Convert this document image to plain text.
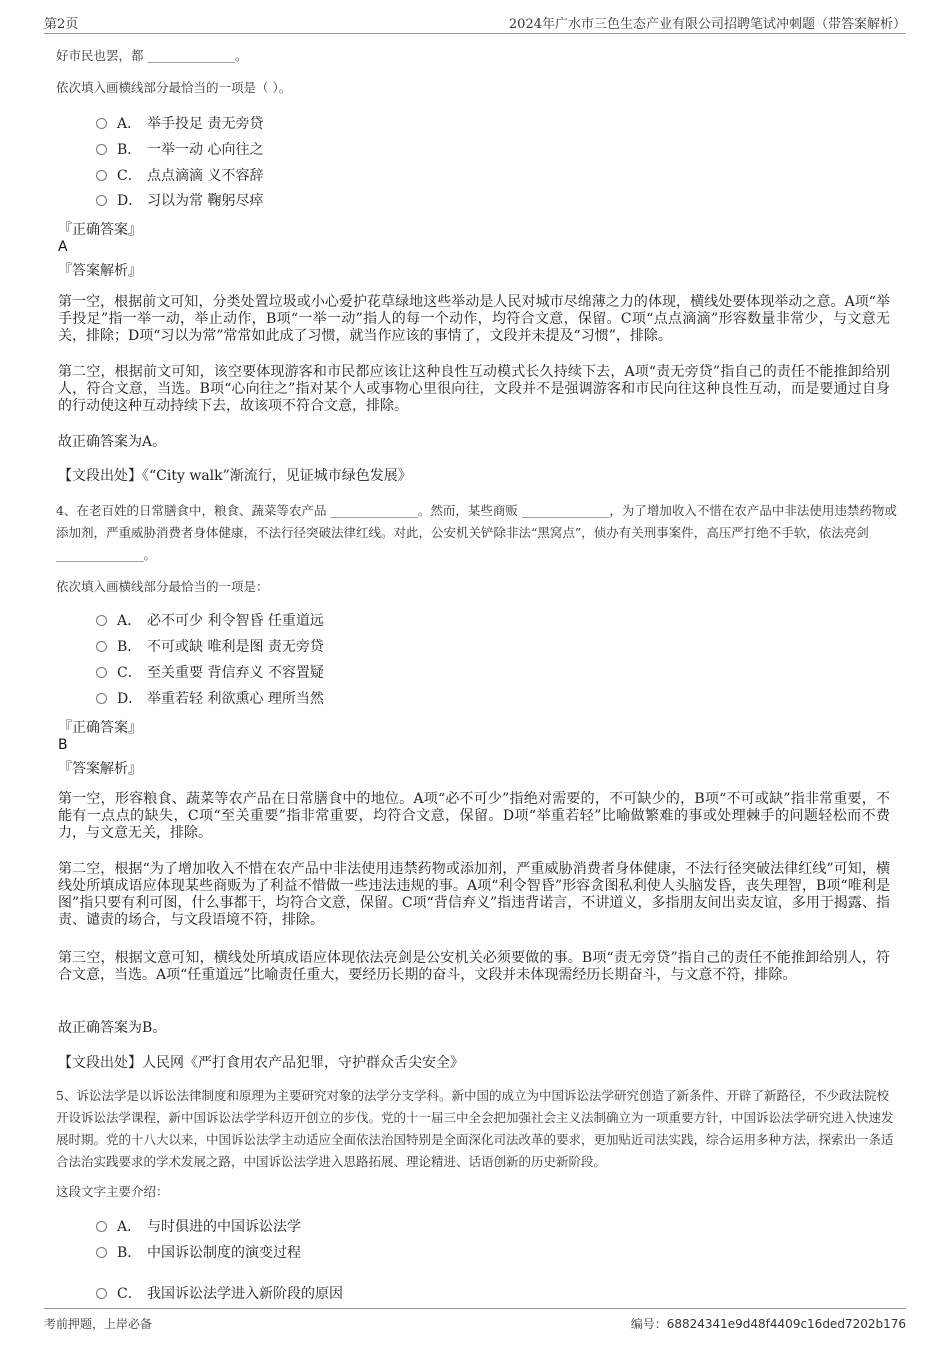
第2页	2024年广水市三色生态产业有限公司招聘笔试冲刺题（带答案解析）
好市民也罢，都 ______________。
依次填入画横线部分最恰当的一项是（ ）。
A． 举手投足 责无旁贷
B． 一举一动 心向往之
C． 点点滴滴 义不容辞
D． 习以为常 鞠躬尽瘁
『正确答案』
A
『答案解析』
第一空，根据前文可知，分类处置垃圾或小心爱护花草绿地这些举动是人民对城市尽绵薄之力的体现，横线处要体现举动之意。A项“举手投足”指一举一动，举止动作，B项“一举一动”指人的每一个动作，均符合文意，保留。C项“点点滴滴”形容数量非常少，与文意无关，排除；D项“习以为常”常常如此成了习惯，就当作应该的事情了，文段并未提及“习惯”，排除。
第二空，根据前文可知，该空要体现游客和市民都应该让这种良性互动模式长久持续下去，A项“责无旁贷”指自己的责任不能推卸给别人，符合文意，当选。B项“心向往之”指对某个人或事物心里很向往，文段并不是强调游客和市民向往这种良性互动，而是要通过自身的行动使这种互动持续下去，故该项不符合文意，排除。
故正确答案为A。
【文段出处】《“City walk”渐流行，见证城市绿色发展》
4、在老百姓的日常膳食中，粮食、蔬菜等农产品 ______________。然而，某些商贩 ______________，为了增加收入不惜在农产品中非法使用违禁药物或添加剂，严重威胁消费者身体健康，不法行径突破法律红线。对此，公安机关铲除非法“黑窝点”，侦办有关刑事案件，高压严打绝不手软，依法亮剑 ______________。
依次填入画横线部分最恰当的一项是：
A． 必不可少 利令智昏 任重道远
B． 不可或缺 唯利是图 责无旁贷
C． 至关重要 背信弃义 不容置疑
D． 举重若轻 利欲熏心 理所当然
『正确答案』
B
『答案解析』
第一空，形容粮食、蔬菜等农产品在日常膳食中的地位。A项“必不可少”指绝对需要的，不可缺少的，B项“不可或缺”指非常重要，不能有一点点的缺失，C项“至关重要”指非常重要，均符合文意，保留。D项“举重若轻”比喻做繁难的事或处理棘手的问题轻松而不费力，与文意无关，排除。
第二空，根据“为了增加收入不惜在农产品中非法使用违禁药物或添加剂，严重威胁消费者身体健康，不法行径突破法律红线”可知，横线处所填成语应体现某些商贩为了利益不惜做一些违法违规的事。A项“利令智昏”形容贪图私利使人头脑发昏，丧失理智，B项“唯利是图”指只要有利可图，什么事都干，均符合文意，保留。C项“背信弃义”指违背诺言，不讲道义，多指朋友间出卖友谊，多用于揭露、指责、谴责的场合，与文段语境不符，排除。
第三空，根据文意可知，横线处所填成语应体现依法亮剑是公安机关必须要做的事。B项“责无旁贷”指自己的责任不能推卸给别人，符合文意，当选。A项“任重道远”比喻责任重大，要经历长期的奋斗，文段并未体现需经历长期奋斗，与文意不符，排除。
故正确答案为B。
【文段出处】人民网《严打食用农产品犯罪，守护群众舌尖安全》
5、诉讼法学是以诉讼法律制度和原理为主要研究对象的法学分支学科。新中国的成立为中国诉讼法学研究创造了新条件、开辟了新路径，不少政法院校开设诉讼法学课程，新中国诉讼法学学科迈开创立的步伐。党的十一届三中全会把加强社会主义法制确立为一项重要方针，中国诉讼法学研究进入快速发展时期。党的十八大以来，中国诉讼法学主动适应全面依法治国特别是全面深化司法改革的要求，更加贴近司法实践，综合运用多种方法，探索出一条适合法治实践要求的学术发展之路，中国诉讼法学进入思路拓展、理论精进、话语创新的历史新阶段。
这段文字主要介绍：
A． 与时俱进的中国诉讼法学
B． 中国诉讼制度的演变过程
C． 我国诉讼法学进入新阶段的原因
考前押题，上岸必备	编号：68824341e9d48f4409c16ded7202b176
